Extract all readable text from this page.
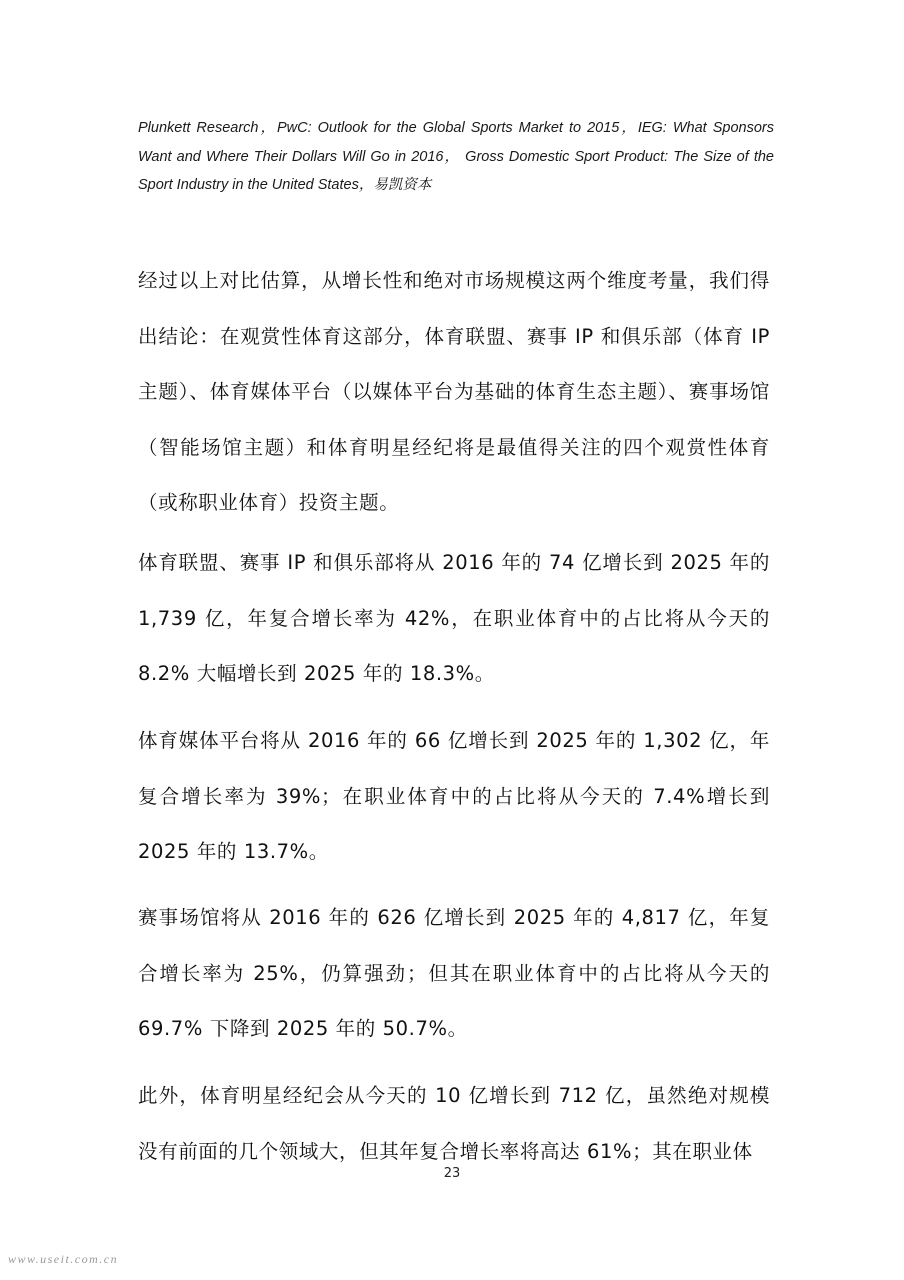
Plunkett Research，PwC: Outlook for the Global Sports Market to 2015，IEG: What Sponsors Want and Where Their Dollars Will Go in 2016， Gross Domestic Sport Product: The Size of the Sport Industry in the United States，易凯资本
经过以上对比估算，从增长性和绝对市场规模这两个维度考量，我们得出结论：在观赏性体育这部分，体育联盟、赛事 IP 和俱乐部（体育 IP 主题）、体育媒体平台（以媒体平台为基础的体育生态主题）、赛事场馆（智能场馆主题）和体育明星经纪将是最值得关注的四个观赏性体育（或称职业体育）投资主题。
体育联盟、赛事 IP 和俱乐部将从 2016 年的 74 亿增长到 2025 年的 1,739 亿，年复合增长率为 42%，在职业体育中的占比将从今天的 8.2% 大幅增长到 2025 年的 18.3%。
体育媒体平台将从 2016 年的 66 亿增长到 2025 年的 1,302 亿，年复合增长率为 39%；在职业体育中的占比将从今天的 7.4%增长到 2025 年的 13.7%。
赛事场馆将从 2016 年的 626 亿增长到 2025 年的 4,817 亿，年复合增长率为 25%，仍算强劲；但其在职业体育中的占比将从今天的 69.7% 下降到 2025 年的 50.7%。
此外，体育明星经纪会从今天的 10 亿增长到 712 亿，虽然绝对规模没有前面的几个领域大，但其年复合增长率将高达 61%；其在职业体
23
www.useit.com.cn
